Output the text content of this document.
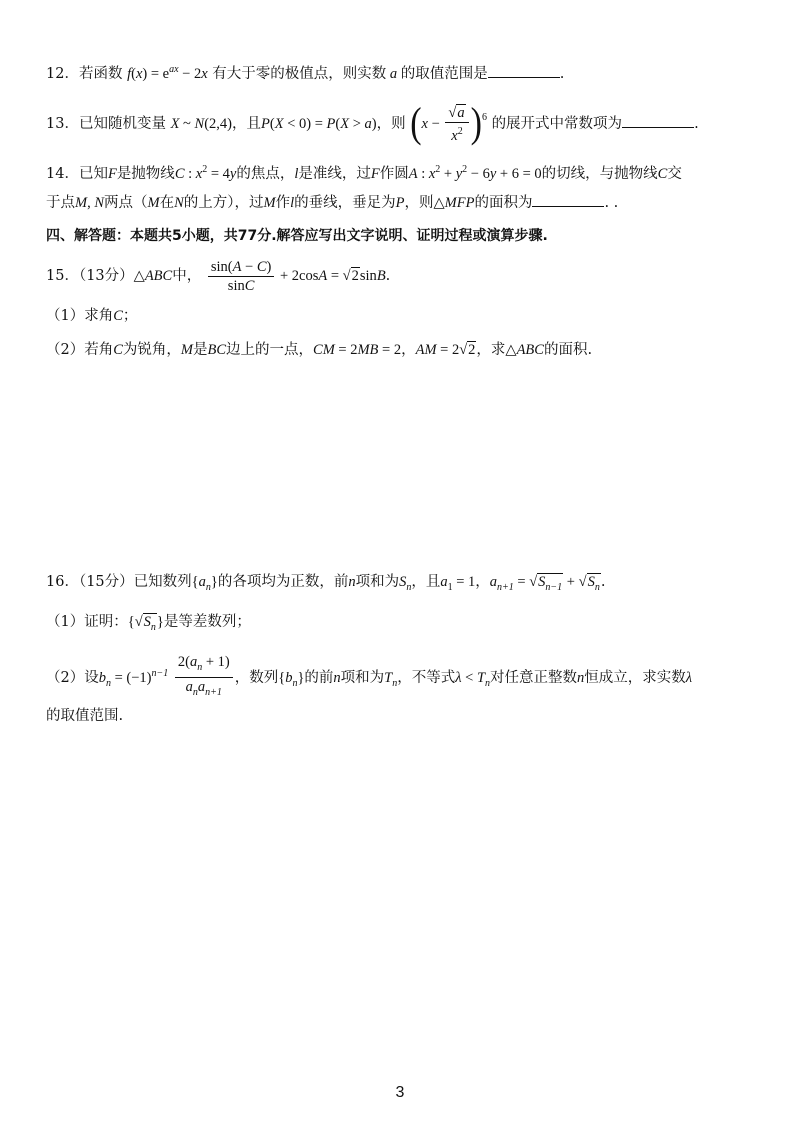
12．若函数 $f(x) = e^{ax} - 2x$ 有大于零的极值点，则实数 a 的取值范围是	.
13．已知随机变量 X ~ N(2,4)，且P(X < 0) = P(X > a)，则 $(x - \frac{√a}{x^2} )^6$ 的展开式中常数项为	.
14．已知F是抛物线C : $x^2 = 4y$的焦点，l是准线，过F作圆A : $x^2 + y^2 - 6y + 6 = 0$的切线，与抛物线C交
于点M, N两点（M在N的上方），过M作l的垂线，垂足为P，则△MFP的面积为	. .
四、解答题：本题共5小题，共77分.解答应写出文字说明、证明过程或演算步骤.
15．（13分）△ABC中， $\frac{\sin(A - C)}{\sin C} + 2\cos A = √2\sin B$.
（1）求角C；
（2）若角C为锐角，M是BC边上的一点，CM = 2MB = 2，AM = 2√2，求△ABC的面积.
16．（15分）已知数列$\{a_n\}$的各项均为正数，前n项和为$S_n$，且$a_1 = 1$，$a_{n+1} = √S_{n-1} + √S_n$.
（1）证明：$\{√S_n\}$是等差数列；
（2）设$b_n = (-1)^{n-1} \frac{2(a_n + 1)}{a_na_{n+1}}$ ，数列$\{b_n\}$的前n项和为$T_n$，不等式$\lambda < T_n$对任意正整数n恒成立，求实数λ
的取值范围.
3
